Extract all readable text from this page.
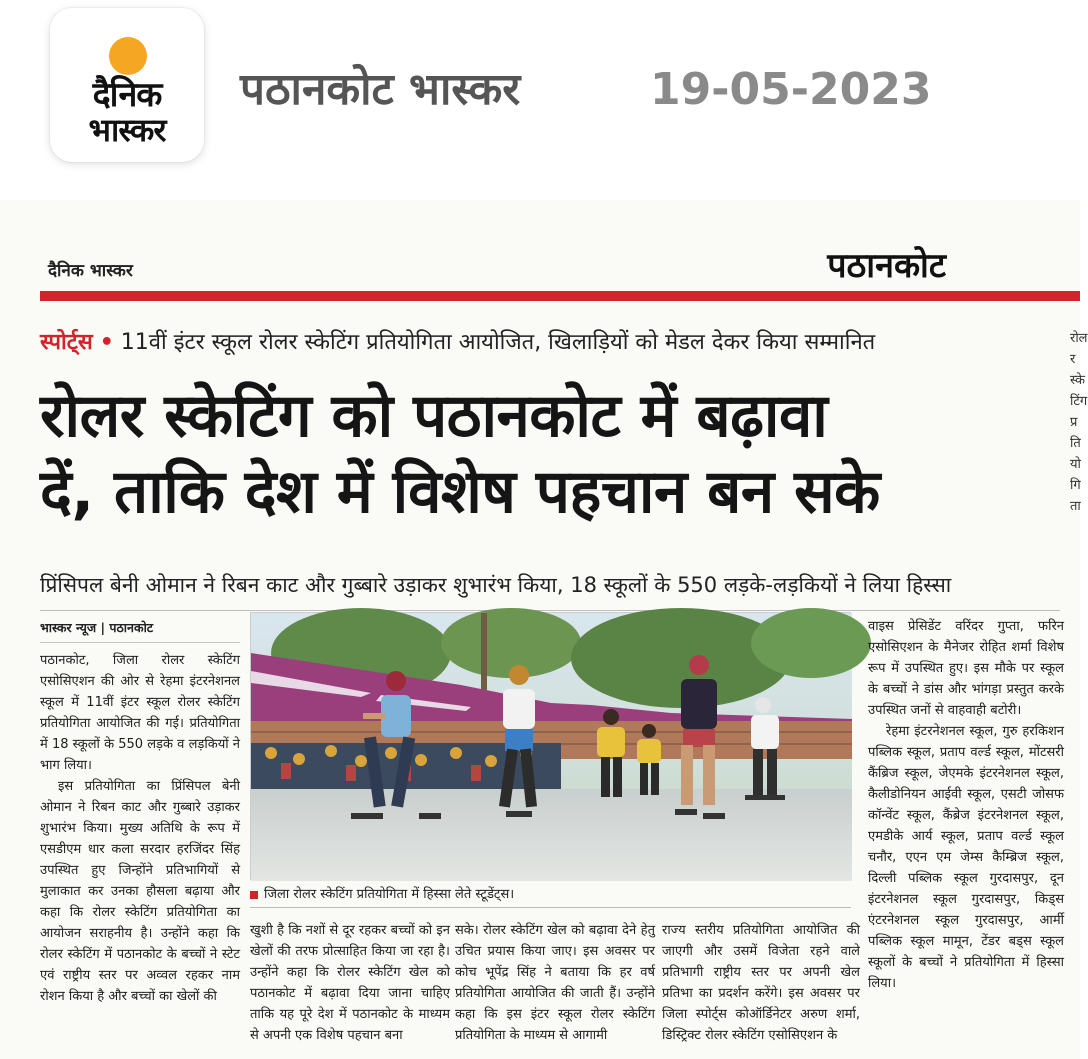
दैनिक
भास्कर
पठानकोट भास्कर	19-05-2023
दैनिक भास्कर	पठानकोट
स्पोर्ट्स • 11वीं इंटर स्कूल रोलर स्केटिंग प्रतियोगिता आयोजित, खिलाड़ियों को मेडल देकर किया सम्मानित
रोलर स्केटिंग को पठानकोट में बढ़ावा
दें, ताकि देश में विशेष पहचान बन सके
प्रिंसिपल बेनी ओमान ने रिबन काट और गुब्बारे उड़ाकर शुभारंभ किया, 18 स्कूलों के 550 लड़के-लड़कियों ने लिया हिस्सा
भास्कर न्यूज | पठानकोट

पठानकोट, जिला रोलर स्केटिंग एसोसिएशन की ओर से रेहमा इंटरनेशनल स्कूल में 11वीं इंटर स्कूल रोलर स्केटिंग प्रतियोगिता आयोजित की गई। प्रतियोगिता में 18 स्कूलों के 550 लड़के व लड़कियों ने भाग लिया।

इस प्रतियोगिता का प्रिंसिपल बेनी ओमान ने रिबन काट और गुब्बारे उड़ाकर शुभारंभ किया। मुख्य अतिथि के रूप में एसडीएम धार कला सरदार हरजिंदर सिंह उपस्थित हुए जिन्होंने प्रतिभागियों से मुलाकात कर उनका हौसला बढ़ाया और कहा कि रोलर स्केटिंग प्रतियोगिता का आयोजन सराहनीय है। उन्होंने कहा कि रोलर स्केटिंग में पठानकोट के बच्चों ने स्टेट एवं राष्ट्रीय स्तर पर अव्वल रहकर नाम रोशन किया है और बच्चों का खेलों की

जिला रोलर स्केटिंग प्रतियोगिता में हिस्सा लेते स्टूडेंट्स।

खुशी है कि नशों से दूर रहकर बच्चों को इन खेलों की तरफ प्रोत्साहित किया जा रहा है। उन्होंने कहा कि रोलर स्केटिंग खेल को पठानकोट में बढ़ावा दिया जाना चाहिए ताकि यह पूरे देश में पठानकोट के माध्यम से अपनी एक विशेष पहचान बना

सके। रोलर स्केटिंग खेल को बढ़ावा देने हेतु उचित प्रयास किया जाए। इस अवसर पर कोच भूपेंद्र सिंह ने बताया कि हर वर्ष प्रतियोगिता आयोजित की जाती हैं। उन्होंने कहा कि इस इंटर स्कूल रोलर स्केटिंग प्रतियोगिता के माध्यम से आगामी

राज्य स्तरीय प्रतियोगिता आयोजित की जाएगी और उसमें विजेता रहने वाले प्रतिभागी राष्ट्रीय स्तर पर अपनी खेल प्रतिभा का प्रदर्शन करेंगे। इस अवसर पर जिला स्पोर्ट्स कोऑर्डिनेटर अरुण शर्मा, डिस्ट्रिक्ट रोलर स्केटिंग एसोसिएशन के

वाइस प्रेसिडेंट वरिंदर गुप्ता, फरिन एसोसिएशन के मैनेजर रोहित शर्मा विशेष रूप में उपस्थित हुए। इस मौके पर स्कूल के बच्चों ने डांस और भांगड़ा प्रस्तुत करके उपस्थित जनों से वाहवाही बटोरी।

रेहमा इंटरनेशनल स्कूल, गुरु हरकिशन पब्लिक स्कूल, प्रताप वर्ल्ड स्कूल, मोंटसरी कैंब्रिज स्कूल, जेएमके इंटरनेशनल स्कूल, कैलीडोनियन आईवी स्कूल, एसटी जोसफ कॉन्वेंट स्कूल, कैंब्रेज इंटरनेशनल स्कूल, एमडीके आर्य स्कूल, प्रताप वर्ल्ड स्कूल चनौर, एएन एम जेम्स कैम्ब्रिज स्कूल, दिल्ली पब्लिक स्कूल गुरदासपुर, दून इंटरनेशनल स्कूल गुरदासपुर, किड्स एंटरनेशनल स्कूल गुरदासपुर, आर्मी पब्लिक स्कूल मामून, टेंडर बड्स स्कूल स्कूलों के बच्चों ने प्रतियोगिता में हिस्सा लिया।

रोलर स्केटिंग प्रतियोगिता
